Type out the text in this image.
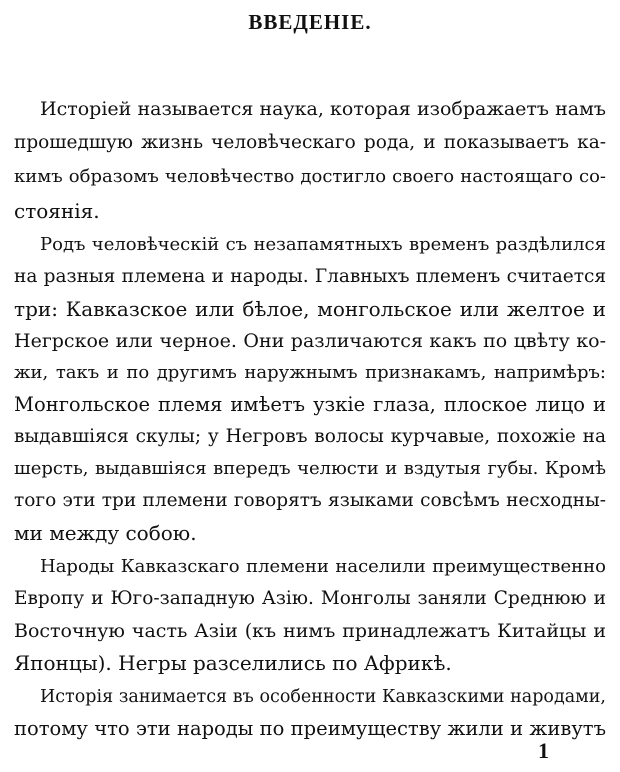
ВВЕДЕНІЕ.
Исторіей называется наука, которая изображаетъ намъ
прошедшую жизнь человѣческаго рода, и показываетъ ка-
кимъ образомъ человѣчество достигло своего настоящаго со-
стоянія.
Родъ человѣческій съ незапамятныхъ временъ раздѣлился
на разныя племена и народы. Главныхъ племенъ считается
три: Кавказское или бѣлое, монгольское или желтое и
Негрское или черное. Они различаются какъ по цвѣту ко-
жи, такъ и по другимъ наружнымъ признакамъ, напримѣръ:
Монгольское племя имѣетъ узкіе глаза, плоское лицо и
выдавшіяся скулы; у Негровъ волосы курчавые, похожіе на
шерсть, выдавшіяся впередъ челюсти и вздутыя губы. Кромѣ
того эти три племени говорятъ языками совсѣмъ несходны-
ми между собою.
Народы Кавказскаго племени населили преимущественно
Европу и Юго-западную Азію. Монголы заняли Среднюю и
Восточную часть Азіи (къ нимъ принадлежатъ Китайцы и
Японцы). Негры разселились по Африкѣ.
Исторія занимается въ особенности Кавказскими народами,
потому что эти народы по преимуществу жили и живутъ
1
